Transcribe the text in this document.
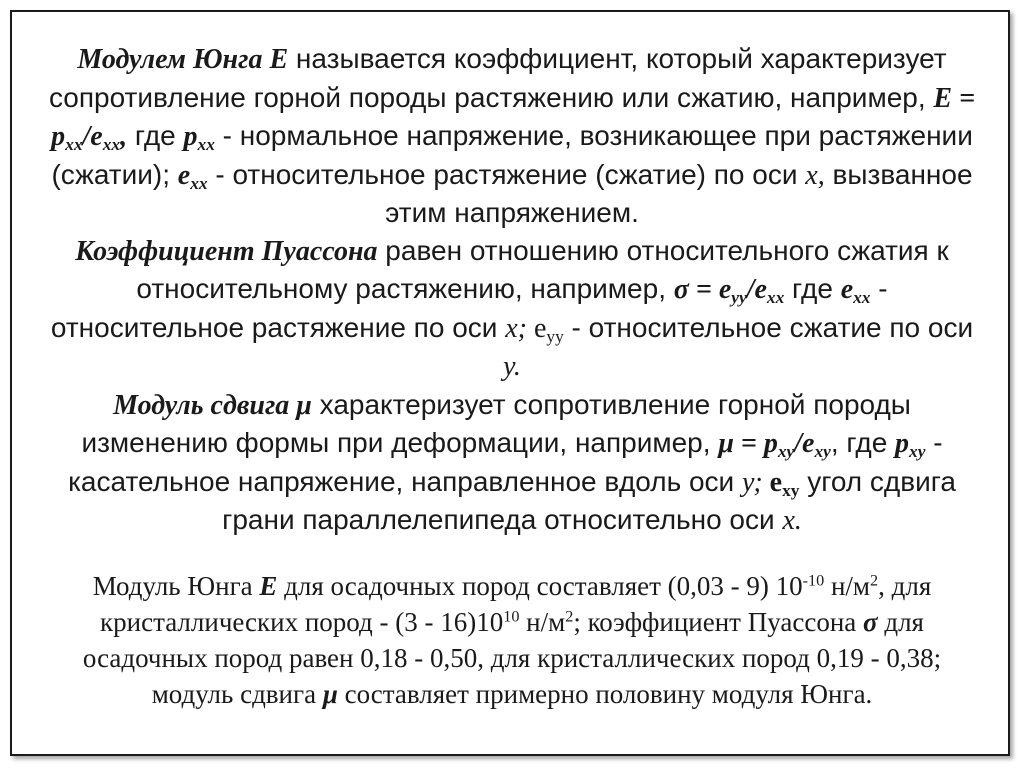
Модулем Юнга Е называется коэффициент, который характеризует сопротивление горной породы растяжению или сжатию, например, $Е = p_{хх}/e_{хх}$, где $p_{хх}$ - нормальное напряжение, возникающее при растяжении (сжатии); $e_{хх}$ - относительное растяжение (сжатие) по оси х, вызванное этим напряжением.

Коэффициент Пуассона равен отношению относительного сжатия к относительному растяжению, например, $\sigma = e_{yy}/e_{xx}$ где $e_{xx}$ - относительное растяжение по оси х; $e_{уу}$ - относительное сжатие по оси у.

Модуль сдвига μ характеризует сопротивление горной породы изменению формы при деформации, например, $\mu = p_{xy}/e_{xy}$, где $p_{xy}$ - касательное напряжение, направленное вдоль оси у; $e_{xy}$ угол сдвига грани параллелепипеда относительно оси х.

Модуль Юнга Е для осадочных пород составляет (0,03 - 9) $10^{-10}$ $н/м^2$, для кристаллических пород - $(3 - 16)10^{10}$ $н/м^2$; коэффициент Пуассона σ для осадочных пород равен 0,18 - 0,50, для кристаллических пород 0,19 - 0,38; модуль сдвига μ составляет примерно половину модуля Юнга.
